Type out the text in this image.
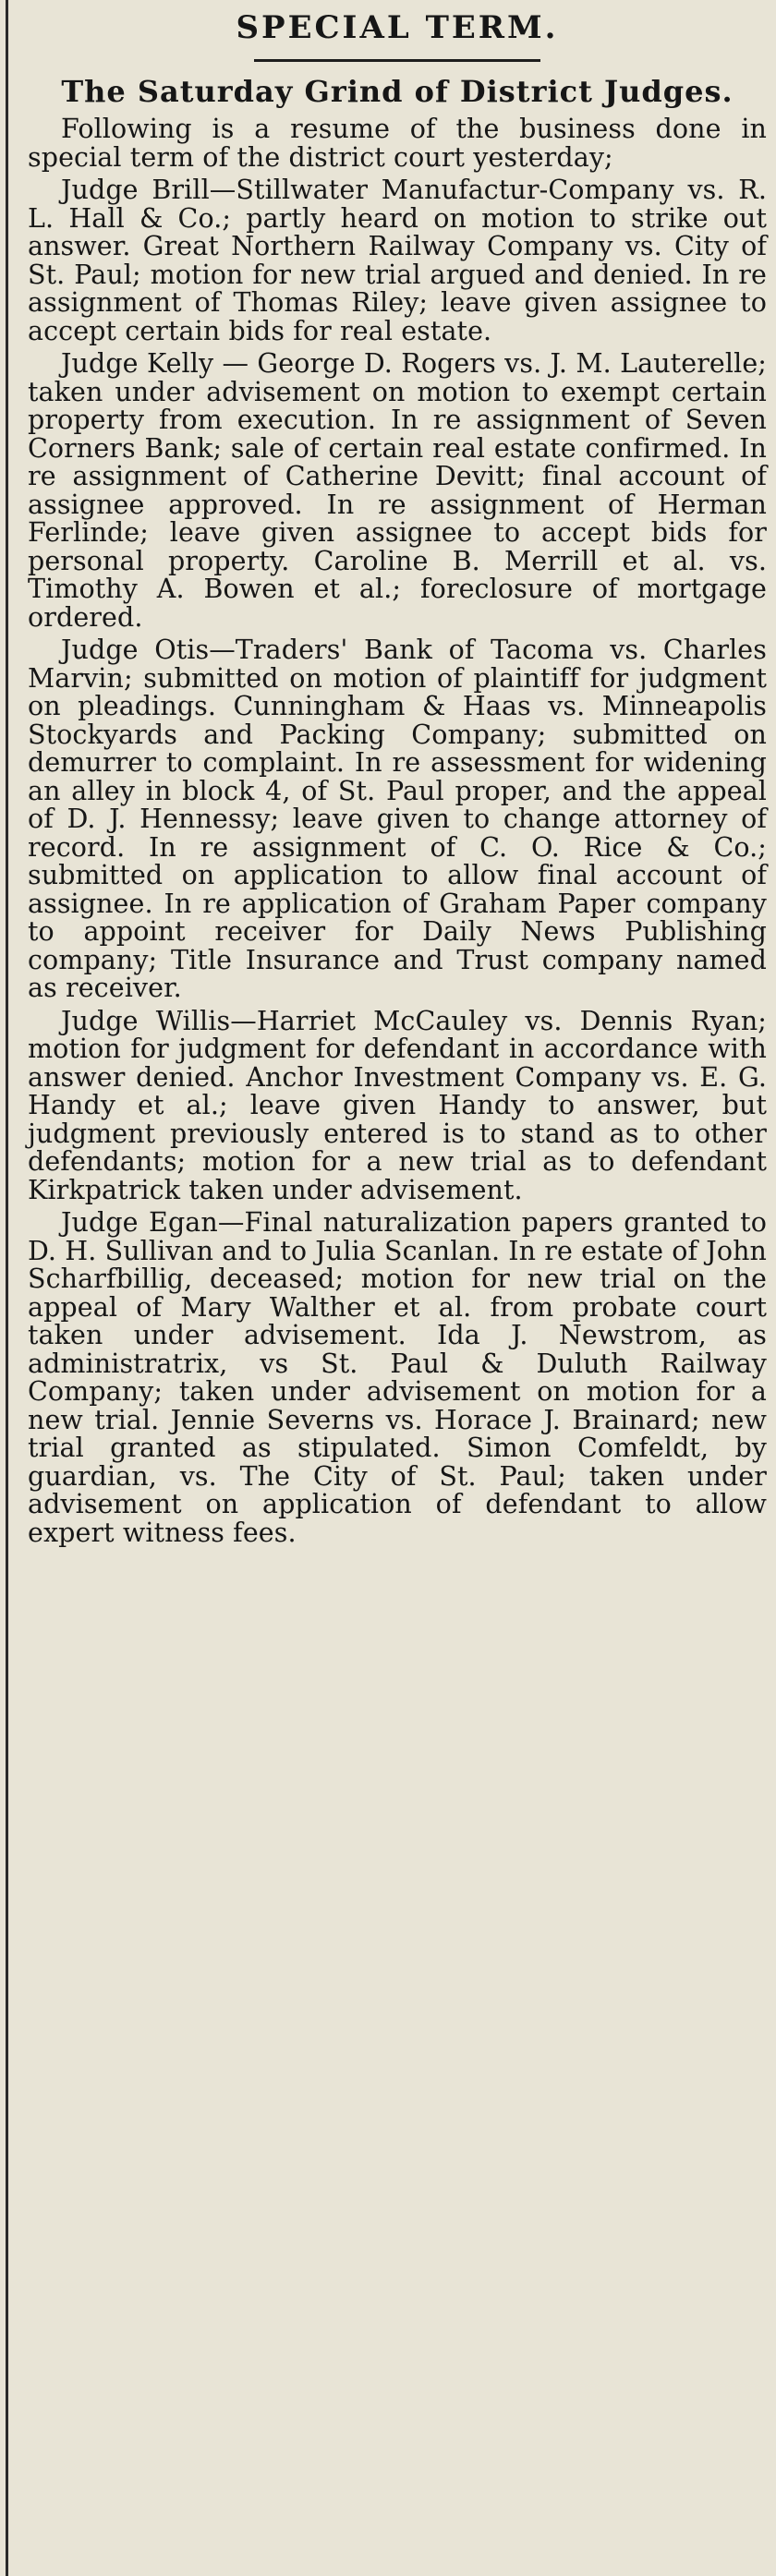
SPECIAL TERM.
The Saturday Grind of District Judges.

Following is a resume of the business done in special term of the district court yesterday;

Judge Brill—Stillwater Manufactur-Company vs. R. L. Hall & Co.; partly heard on motion to strike out answer. Great Northern Railway Company vs. City of St. Paul; motion for new trial argued and denied. In re assignment of Thomas Riley; leave given assignee to accept certain bids for real estate.

Judge Kelly — George D. Rogers vs. J. M. Lauterelle; taken under advisement on motion to exempt certain property from execution. In re assignment of Seven Corners Bank; sale of certain real estate confirmed. In re assignment of Catherine Devitt; final account of assignee approved. In re assignment of Herman Ferlinde; leave given assignee to accept bids for personal property. Caroline B. Merrill et al. vs. Timothy A. Bowen et al.; foreclosure of mortgage ordered.

Judge Otis—Traders' Bank of Tacoma vs. Charles Marvin; submitted on motion of plaintiff for judgment on pleadings. Cunningham & Haas vs. Minneapolis Stockyards and Packing Company; submitted on demurrer to complaint. In re assessment for widening an alley in block 4, of St. Paul proper, and the appeal of D. J. Hennessy; leave given to change attorney of record. In re assignment of C. O. Rice & Co.; submitted on application to allow final account of assignee. In re application of Graham Paper company to appoint receiver for Daily News Publishing company; Title Insurance and Trust company named as receiver.

Judge Willis—Harriet McCauley vs. Dennis Ryan; motion for judgment for defendant in accordance with answer denied. Anchor Investment Company vs. E. G. Handy et al.; leave given Handy to answer, but judgment previously entered is to stand as to other defendants; motion for a new trial as to defendant Kirkpatrick taken under advisement.

Judge Egan—Final naturalization papers granted to D. H. Sullivan and to Julia Scanlan. In re estate of John Scharfbillig, deceased; motion for new trial on the appeal of Mary Walther et al. from probate court taken under advisement. Ida J. Newstrom, as administratrix, vs St. Paul & Duluth Railway Company; taken under advisement on motion for a new trial. Jennie Severns vs. Horace J. Brainard; new trial granted as stipulated. Simon Comfeldt, by guardian, vs. The City of St. Paul; taken under advisement on application of defendant to allow expert witness fees.
